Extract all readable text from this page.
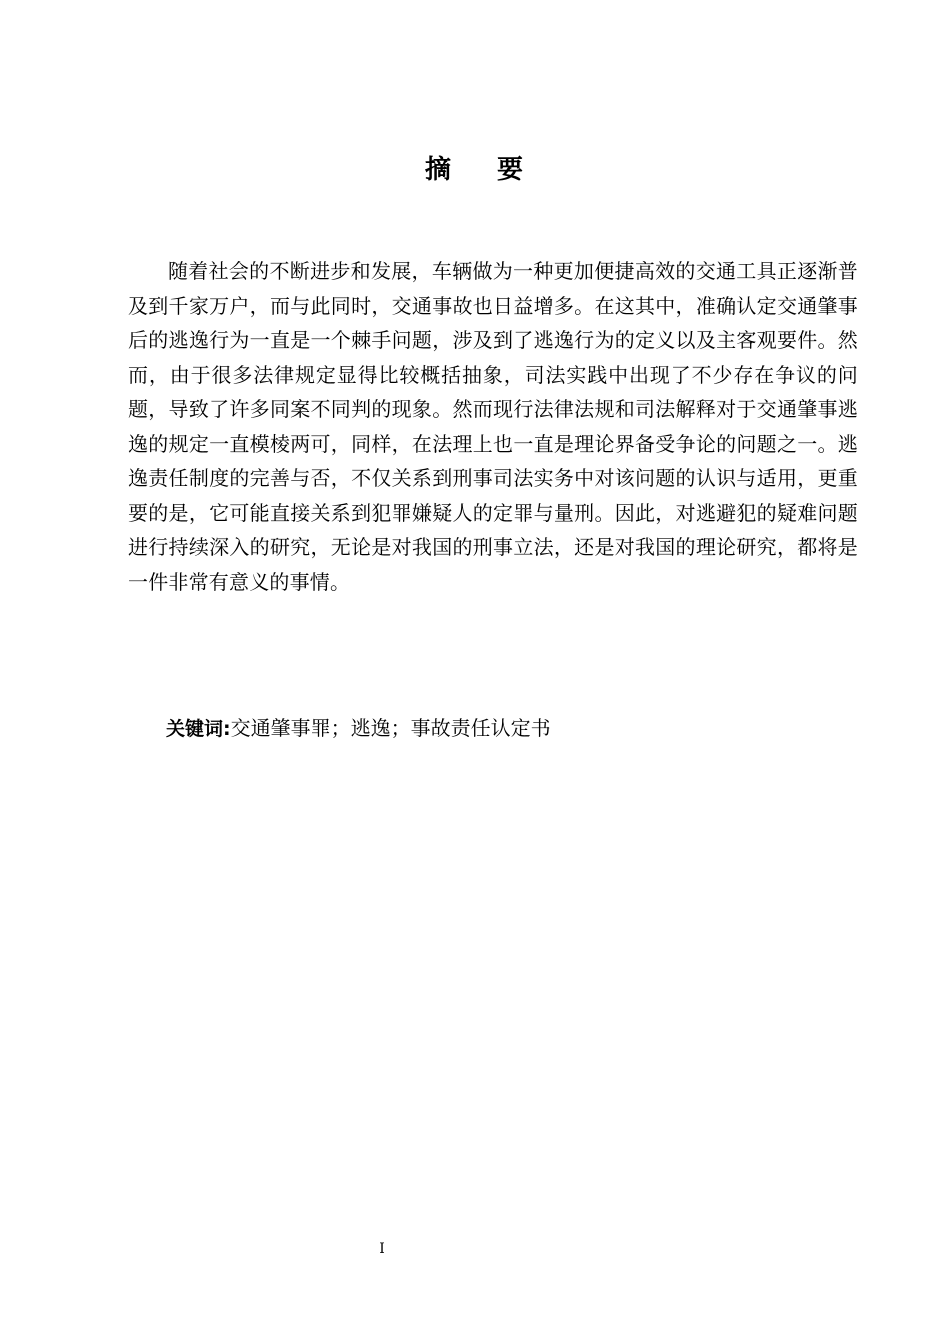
摘 要

随着社会的不断进步和发展，车辆做为一种更加便捷高效的交通工具正逐渐普及到千家万户，而与此同时，交通事故也日益增多。在这其中，准确认定交通肇事后的逃逸行为一直是一个棘手问题，涉及到了逃逸行为的定义以及主客观要件。然而，由于很多法律规定显得比较概括抽象，司法实践中出现了不少存在争议的问题，导致了许多同案不同判的现象。然而现行法律法规和司法解释对于交通肇事逃逸的规定一直模棱两可，同样，在法理上也一直是理论界备受争论的问题之一。逃逸责任制度的完善与否，不仅关系到刑事司法实务中对该问题的认识与适用，更重要的是，它可能直接关系到犯罪嫌疑人的定罪与量刑。因此，对逃避犯的疑难问题进行持续深入的研究，无论是对我国的刑事立法，还是对我国的理论研究，都将是一件非常有意义的事情。

关键词:交通肇事罪；逃逸；事故责任认定书

I
